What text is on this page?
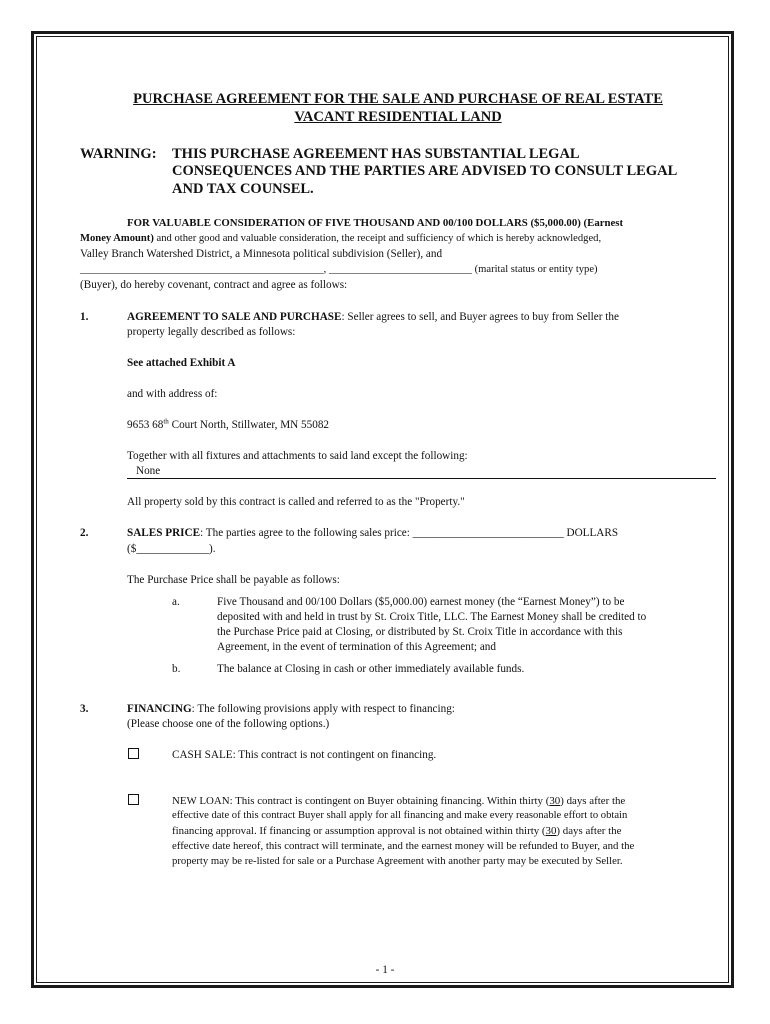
PURCHASE AGREEMENT FOR THE SALE AND PURCHASE OF REAL ESTATE
VACANT RESIDENTIAL LAND
WARNING: THIS PURCHASE AGREEMENT HAS SUBSTANTIAL LEGAL
CONSEQUENCES AND THE PARTIES ARE ADVISED TO CONSULT LEGAL
AND TAX COUNSEL.
FOR VALUABLE CONSIDERATION OF FIVE THOUSAND AND 00/100 DOLLARS ($5,000.00) (Earnest
Money Amount) and other good and valuable consideration, the receipt and sufficiency of which is hereby acknowledged,
Valley Branch Watershed District, a Minnesota political subdivision (Seller), and
______________________________________________, ___________________________ (marital status or entity type)
(Buyer), do hereby covenant, contract and agree as follows:
1.	AGREEMENT TO SALE AND PURCHASE: Seller agrees to sell, and Buyer agrees to buy from Seller the
property legally described as follows:
See attached Exhibit A
and with address of:
9653 68th Court North, Stillwater, MN 55082
Together with all fixtures and attachments to said land except the following:
None
All property sold by this contract is called and referred to as the "Property."
2.	SALES PRICE: The parties agree to the following sales price: ___________________________ DOLLARS
($_____________).
The Purchase Price shall be payable as follows:
a.	Five Thousand and 00/100 Dollars ($5,000.00) earnest money (the “Earnest Money”) to be
deposited with and held in trust by St. Croix Title, LLC. The Earnest Money shall be credited to
the Purchase Price paid at Closing, or distributed by St. Croix Title in accordance with this
Agreement, in the event of termination of this Agreement; and
b.	The balance at Closing in cash or other immediately available funds.
3.	FINANCING: The following provisions apply with respect to financing:
(Please choose one of the following options.)
CASH SALE: This contract is not contingent on financing.
NEW LOAN: This contract is contingent on Buyer obtaining financing. Within thirty (30) days after the
effective date of this contract Buyer shall apply for all financing and make every reasonable effort to obtain
financing approval. If financing or assumption approval is not obtained within thirty (30) days after the
effective date hereof, this contract will terminate, and the earnest money will be refunded to Buyer, and the
property may be re-listed for sale or a Purchase Agreement with another party may be executed by Seller.
- 1 -
